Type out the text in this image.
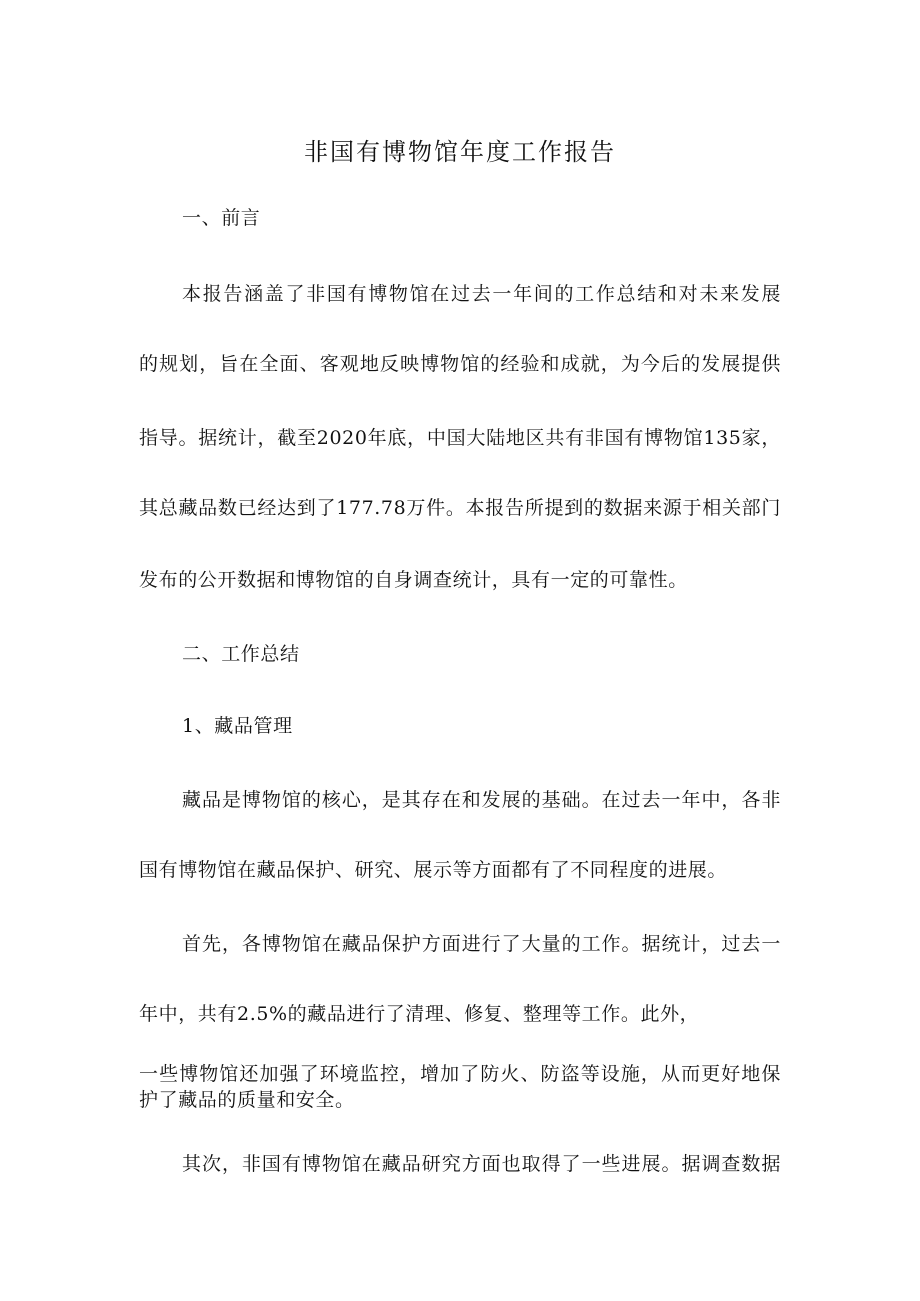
非国有博物馆年度工作报告

一、前言

本报告涵盖了非国有博物馆在过去一年间的工作总结和对未来发展

的规划，旨在全面、客观地反映博物馆的经验和成就，为今后的发展提供

指导。据统计，截至2020年底，中国大陆地区共有非国有博物馆135家，

其总藏品数已经达到了177.78万件。本报告所提到的数据来源于相关部门

发布的公开数据和博物馆的自身调查统计，具有一定的可靠性。

二、工作总结

1、藏品管理

藏品是博物馆的核心，是其存在和发展的基础。在过去一年中，各非

国有博物馆在藏品保护、研究、展示等方面都有了不同程度的进展。

首先，各博物馆在藏品保护方面进行了大量的工作。据统计，过去一

年中，共有2.5%的藏品进行了清理、修复、整理等工作。此外，

一些博物馆还加强了环境监控，增加了防火、防盗等设施，从而更好地保

护了藏品的质量和安全。

其次，非国有博物馆在藏品研究方面也取得了一些进展。据调查数据
